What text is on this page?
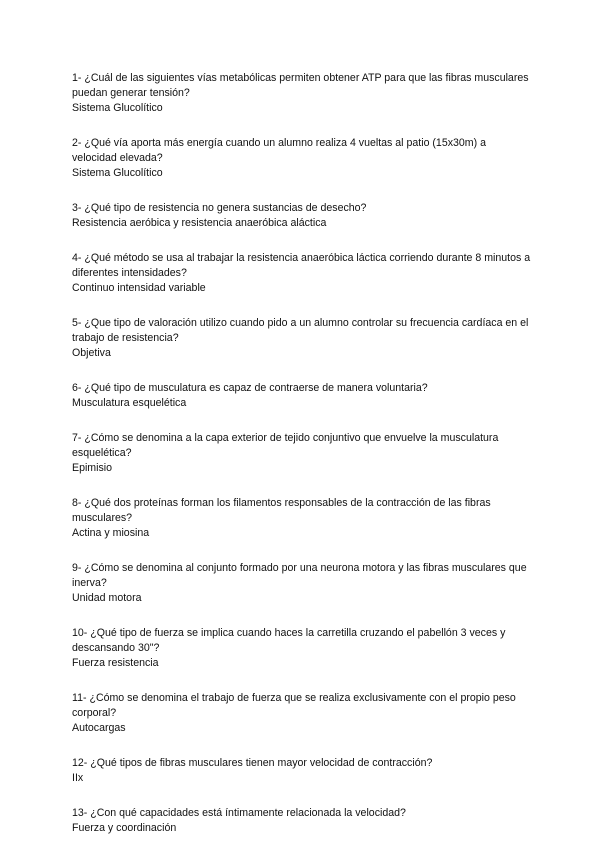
1- ¿Cuál de las siguientes vías metabólicas permiten obtener ATP para que las fibras musculares puedan generar tensión?

Sistema Glucolítico

2- ¿Qué vía aporta más energía cuando un alumno realiza 4 vueltas al patio (15x30m) a velocidad elevada?

Sistema Glucolítico

3- ¿Qué tipo de resistencia no genera sustancias de desecho?

Resistencia aeróbica y resistencia anaeróbica aláctica

4- ¿Qué método se usa al trabajar la resistencia anaeróbica láctica corriendo durante 8 minutos a diferentes intensidades?

Continuo intensidad variable

5- ¿Que tipo de valoración utilizo cuando pido a un alumno controlar su frecuencia cardíaca en el trabajo de resistencia?

Objetiva

6- ¿Qué tipo de musculatura es capaz de contraerse de manera voluntaria?

Musculatura esquelética

7- ¿Cómo se denomina a la capa exterior de tejido conjuntivo que envuelve la musculatura esquelética?

Epimisio

8- ¿Qué dos proteínas forman los filamentos responsables de la contracción de las fibras musculares?

Actina y miosina

9- ¿Cómo se denomina al conjunto formado por una neurona motora y las fibras musculares que inerva?

Unidad motora

10- ¿Qué tipo de fuerza se implica cuando haces la carretilla cruzando el pabellón 3 veces y descansando 30"?

Fuerza resistencia

11- ¿Cómo se denomina el trabajo de fuerza que se realiza exclusivamente con el propio peso corporal?

Autocargas

12- ¿Qué tipos de fibras musculares tienen mayor velocidad de contracción?

IIx

13- ¿Con qué capacidades está íntimamente relacionada la velocidad?

Fuerza y coordinación
